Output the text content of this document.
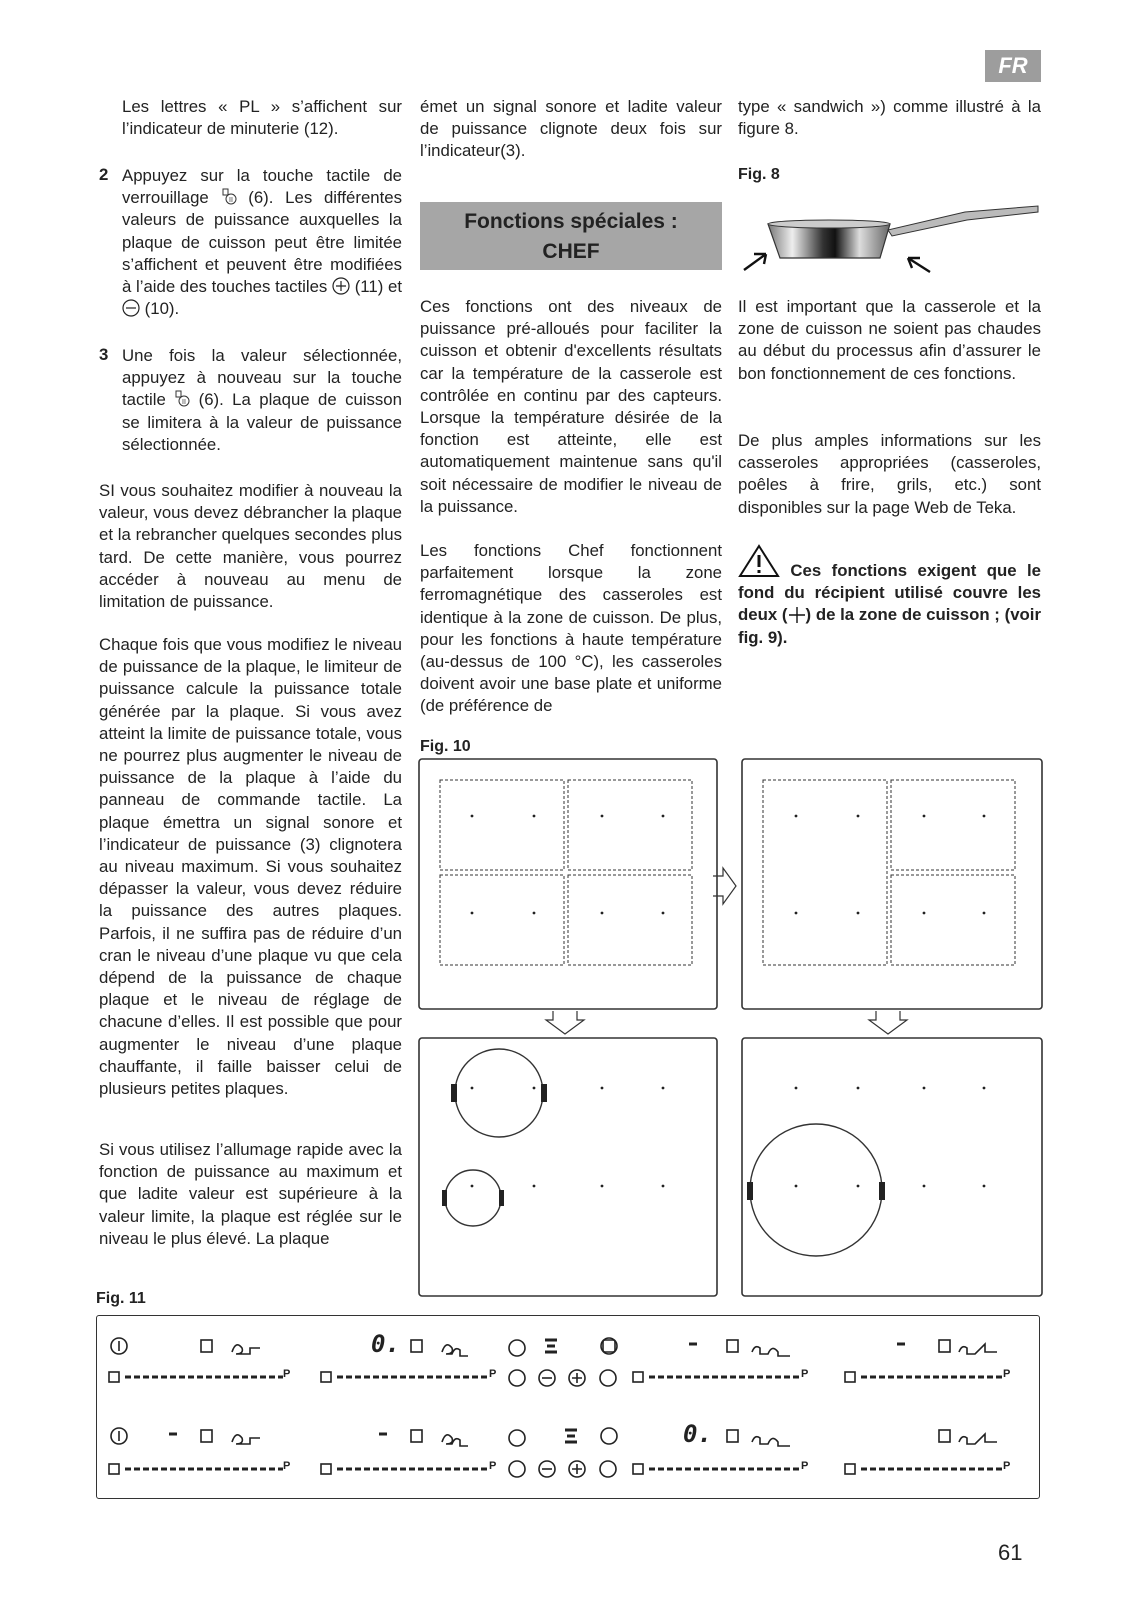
FR

Les lettres « PL » s’affichent sur l’indicateur de minuterie (12).

2 Appuyez sur la touche tactile de verrouillage	II (6). Les différentes valeurs de puissance auxquelles la plaque de cuisson peut être limitée s’affichent et peuvent être modifiées à l’aide des touches tactiles (11) et  (10).

3 Une fois la valeur sélectionnée, appuyez à nouveau sur la touche tactile II (6). La plaque de cuisson se limitera à la valeur de puissance sélectionnée.

SI vous souhaitez modifier à nouveau la valeur, vous devez débrancher la plaque et la rebrancher quelques secondes plus tard. De cette manière, vous pourrez accéder à nouveau au menu de limitation de puissance.

Chaque fois que vous modifiez le niveau de puissance de la plaque, le limiteur de puissance calcule la puissance totale générée par la plaque. Si vous avez atteint la limite de puissance totale, vous ne pourrez plus augmenter le niveau de puissance de la plaque à l’aide du panneau de commande tactile. La plaque émettra un signal sonore et l’indicateur de puissance (3) clignotera au niveau maximum. Si vous souhaitez dépasser la valeur, vous devez réduire la puissance des autres plaques. Parfois, il ne suffira pas de réduire d’un cran le niveau d’une plaque vu que cela dépend de la puissance de chaque plaque et le niveau de réglage de chacune d’elles. Il est possible que pour augmenter le niveau d’une plaque chauffante, il faille baisser celui de plusieurs petites plaques.

Si vous utilisez l’allumage rapide avec la fonction de puissance au maximum et que ladite valeur est supérieure à la valeur limite, la plaque est réglée sur le niveau le plus élevé. La plaque

émet un signal sonore et ladite valeur de puissance clignote deux fois sur l’indicateur(3).

Fonctions spéciales :
CHEF

Ces fonctions ont des niveaux de puissance pré-alloués pour faciliter la cuisson et obtenir d'excellents résultats car la température de la casserole est contrôlée en continu par des capteurs. Lorsque la température désirée de la fonction est atteinte, elle est automatiquement maintenue sans qu'il soit nécessaire de modifier le niveau de la puissance.

Les fonctions Chef fonctionnent parfaitement lorsque la zone ferromagnétique des casseroles est identique à la zone de cuisson. De plus, pour les fonctions à haute température (au-dessus de 100 °C), les casseroles doivent avoir une base plate et uniforme (de préférence de

type « sandwich ») comme illustré à la figure 8.

Fig. 8

Il est important que la casserole et la zone de cuisson ne soient pas chaudes au début du processus afin d’assurer le bon fonctionnement de ces fonctions.

De plus amples informations sur les casseroles appropriées (casseroles, poêles à frire, grils, etc.) sont disponibles sur la page Web de Teka.

Ces fonctions exigent que le fond du récipient utilisé couvre les deux ( ) de la zone de cuisson ; (voir fig. 9).

Fig. 10
Fig. 11
0.
0.
P	P	P	P
P	P	P	P
61
